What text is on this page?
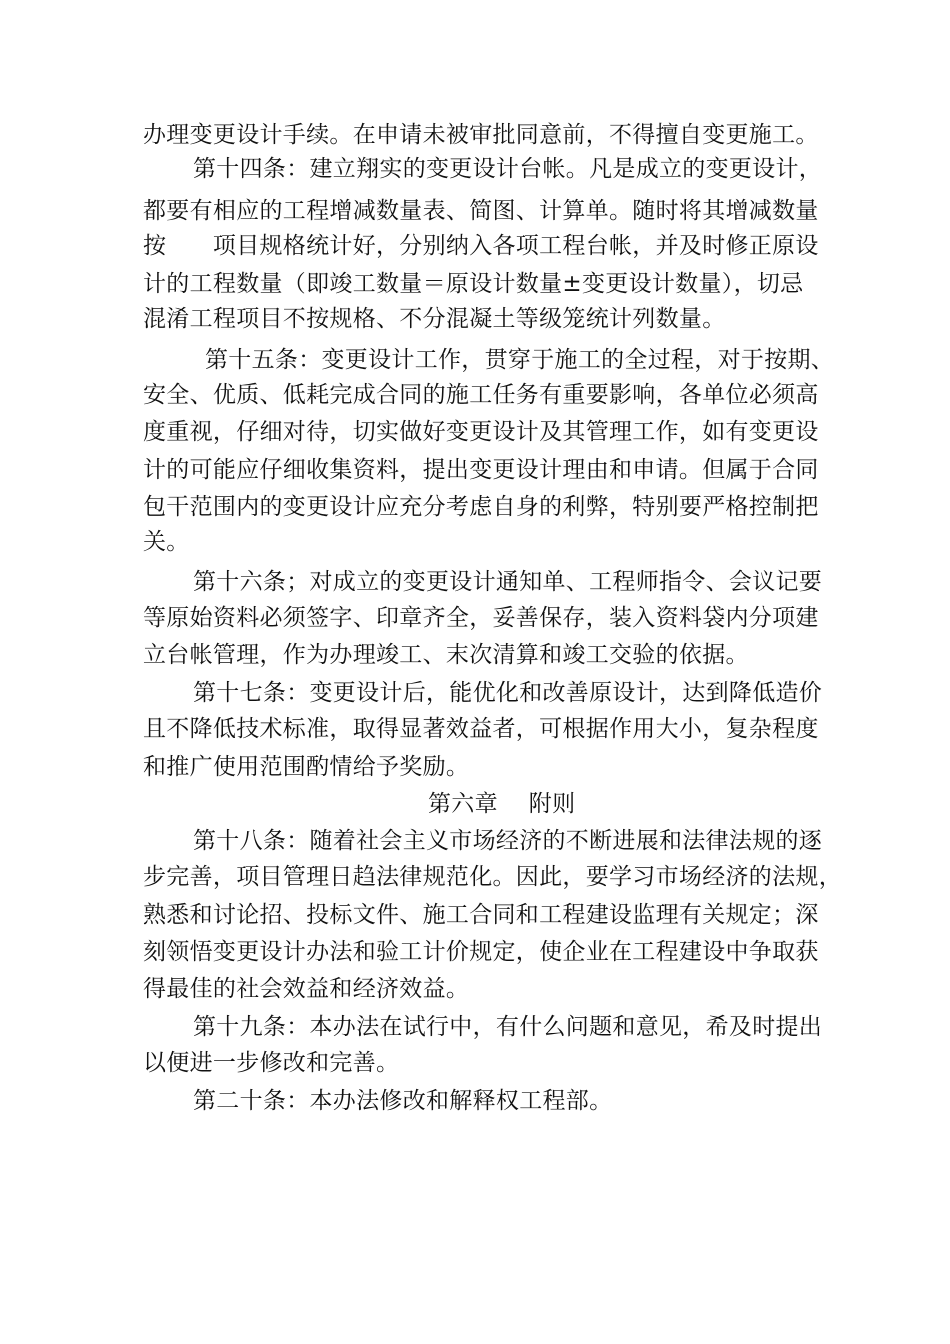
办理变更设计手续。在申请未被审批同意前，不得擅自变更施工。
第十四条：建立翔实的变更设计台帐。凡是成立的变更设计，
都要有相应的工程增减数量表、简图、计算单。随时将其增减数量
按　　项目规格统计好，分别纳入各项工程台帐，并及时修正原设
计的工程数量（即竣工数量＝原设计数量±变更设计数量），切忌
混淆工程项目不按规格、不分混凝土等级笼统计列数量。
第十五条：变更设计工作，贯穿于施工的全过程，对于按期、
安全、优质、低耗完成合同的施工任务有重要影响，各单位必须高
度重视，仔细对待，切实做好变更设计及其管理工作，如有变更设
计的可能应仔细收集资料，提出变更设计理由和申请。但属于合同
包干范围内的变更设计应充分考虑自身的利弊，特别要严格控制把
关。
第十六条；对成立的变更设计通知单、工程师指令、会议记要
等原始资料必须签字、印章齐全，妥善保存，装入资料袋内分项建
立台帐管理，作为办理竣工、末次清算和竣工交验的依据。
第十七条：变更设计后，能优化和改善原设计，达到降低造价
且不降低技术标准，取得显著效益者，可根据作用大小，复杂程度
和推广使用范围酌情给予奖励。
第六章　 附则
第十八条：随着社会主义市场经济的不断进展和法律法规的逐
步完善，项目管理日趋法律规范化。因此，要学习市场经济的法规，
熟悉和讨论招、投标文件、施工合同和工程建设监理有关规定；深
刻领悟变更设计办法和验工计价规定，使企业在工程建设中争取获
得最佳的社会效益和经济效益。
第十九条：本办法在试行中，有什么问题和意见，希及时提出
以便进一步修改和完善。
第二十条：本办法修改和解释权工程部。
